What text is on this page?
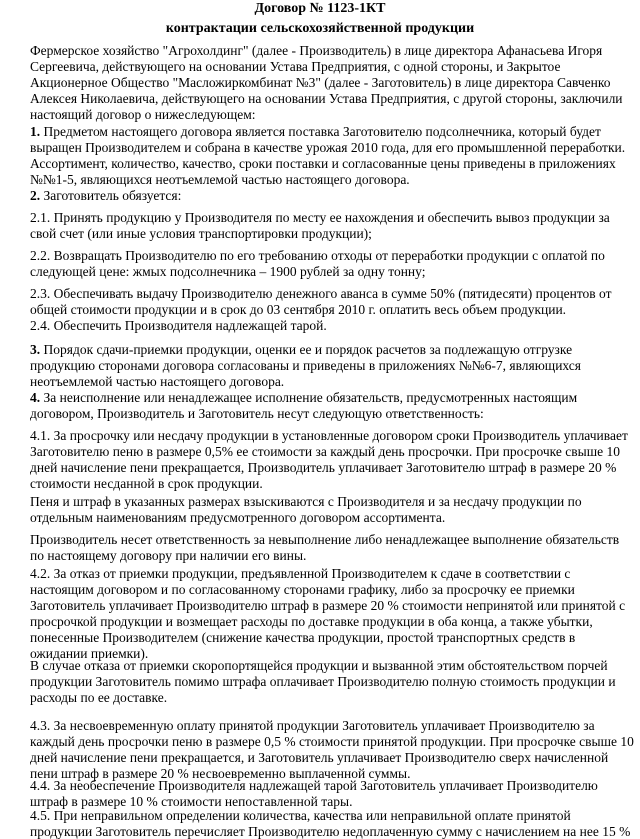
Договор № 1123-1КТ
контрактации сельскохозяйственной продукции
Фермерское хозяйство "Агрохолдинг" (далее - Производитель) в лице директора Афанасьева Игоря
Сергеевича, действующего на основании Устава Предприятия, с одной стороны, и Закрытое
Акционерное Общество "Масложиркомбинат №3" (далее - Заготовитель) в лице директора Савченко
Алексея Николаевича, действующего на основании Устава Предприятия, с другой стороны, заключили
настоящий договор о нижеследующем:
1. Предметом настоящего договора является поставка Заготовителю подсолнечника, который будет
выращен Производителем и собрана в качестве урожая 2010 года, для его промышленной переработки.
Ассортимент, количество, качество, сроки поставки и согласованные цены приведены в приложениях
№№1-5, являющихся неотъемлемой частью настоящего договора.
2. Заготовитель обязуется:
2.1. Принять продукцию у Производителя по месту ее нахождения и обеспечить вывоз продукции за
свой счет (или иные условия транспортировки продукции);
2.2. Возвращать Производителю по его требованию отходы от переработки продукции с оплатой по
следующей цене: жмых подсолнечника – 1900 рублей за одну тонну;
2.3. Обеспечивать выдачу Производителю денежного аванса в сумме 50% (пятидесяти) процентов от
общей стоимости продукции и в срок до 03 сентября 2010 г. оплатить весь объем продукции.
2.4. Обеспечить Производителя надлежащей тарой.
3. Порядок сдачи-приемки продукции, оценки ее и порядок расчетов за подлежащую отгрузке
продукцию сторонами договора согласованы и приведены в приложениях №№6-7, являющихся
неотъемлемой частью настоящего договора.
4. За неисполнение или ненадлежащее исполнение обязательств, предусмотренных настоящим
договором, Производитель и Заготовитель несут следующую ответственность:
4.1. За просрочку или несдачу продукции в установленные договором сроки Производитель уплачивает
Заготовителю пеню в размере 0,5% ее стоимости за каждый день просрочки. При просрочке свыше 10
дней начисление пени прекращается, Производитель уплачивает Заготовителю штраф в размере 20 %
стоимости несданной в срок продукции.
Пеня и штраф в указанных размерах взыскиваются с Производителя и за несдачу продукции по
отдельным наименованиям предусмотренного договором ассортимента.
Производитель несет ответственность за невыполнение либо ненадлежащее выполнение обязательств
по настоящему договору при наличии его вины.
4.2. За отказ от приемки продукции, предъявленной Производителем к сдаче в соответствии с
настоящим договором и по согласованному сторонами графику, либо за просрочку ее приемки
Заготовитель уплачивает Производителю штраф в размере 20 % стоимости непринятой или принятой с
просрочкой продукции и возмещает расходы по доставке продукции в оба конца, а также убытки,
понесенные Производителем (снижение качества продукции, простой транспортных средств в
ожидании приемки).
В случае отказа от приемки скоропортящейся продукции и вызванной этим обстоятельством порчей
продукции Заготовитель помимо штрафа оплачивает Производителю полную стоимость продукции и
расходы по ее доставке.
4.3. За несвоевременную оплату принятой продукции Заготовитель уплачивает Производителю за
каждый день просрочки пеню в размере 0,5 % стоимости принятой продукции. При просрочке свыше 10
дней начисление пени прекращается, и Заготовитель уплачивает Производителю сверх начисленной
пени штраф в размере 20 % несвоевременно выплаченной суммы.
4.4. За необеспечение Производителя надлежащей тарой Заготовитель уплачивает Производителю
штраф в размере 10 % стоимости непоставленной тары.
4.5. При неправильном определении количества, качества или неправильной оплате принятой
продукции Заготовитель перечисляет Производителю недоплаченную сумму с начислением на нее 15 %
